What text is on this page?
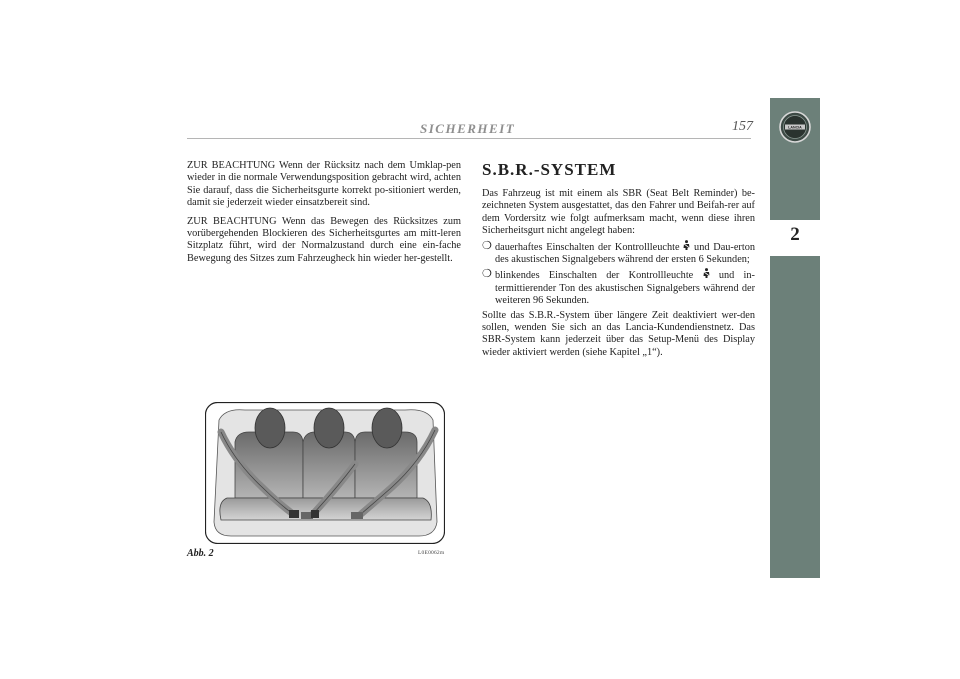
SICHERHEIT	157

ZUR BEACHTUNG Wenn der Rücksitz nach dem Umklap-pen wieder in die normale Verwendungsposition gebracht wird, achten Sie darauf, dass die Sicherheitsgurte korrekt po-sitioniert werden, damit sie jederzeit wieder einsatzbereit sind.

ZUR BEACHTUNG Wenn das Bewegen des Rücksitzes zum vorübergehenden Blockieren des Sicherheitsgurtes am mitt-leren Sitzplatz führt, wird der Normalzustand durch eine ein-fache Bewegung des Sitzes zum Fahrzeugheck hin wieder her-gestellt.

S.B.R.-SYSTEM

Das Fahrzeug ist mit einem als SBR (Seat Belt Reminder) be-zeichneten System ausgestattet, das den Fahrer und Beifah-rer auf dem Vordersitz wie folgt aufmerksam macht, wenn diese ihren Sicherheitsgurt nicht angelegt haben:

❍ dauerhaftes Einschalten der Kontrollleuchte  und Dau-erton des akustischen Signalgebers während der ersten 6 Sekunden;
❍ blinkendes Einschalten der Kontrollleuchte  und in-termittierender Ton des akustischen Signalgebers während der weiteren 96 Sekunden.

Sollte das S.B.R.-System über längere Zeit deaktiviert wer-den sollen, wenden Sie sich an das Lancia-Kundendienstnetz. Das SBR-System kann jederzeit über das Setup-Menü des Display wieder aktiviert werden (siehe Kapitel „1“).

Abb. 2	L0E0062m
LANCIA
2
